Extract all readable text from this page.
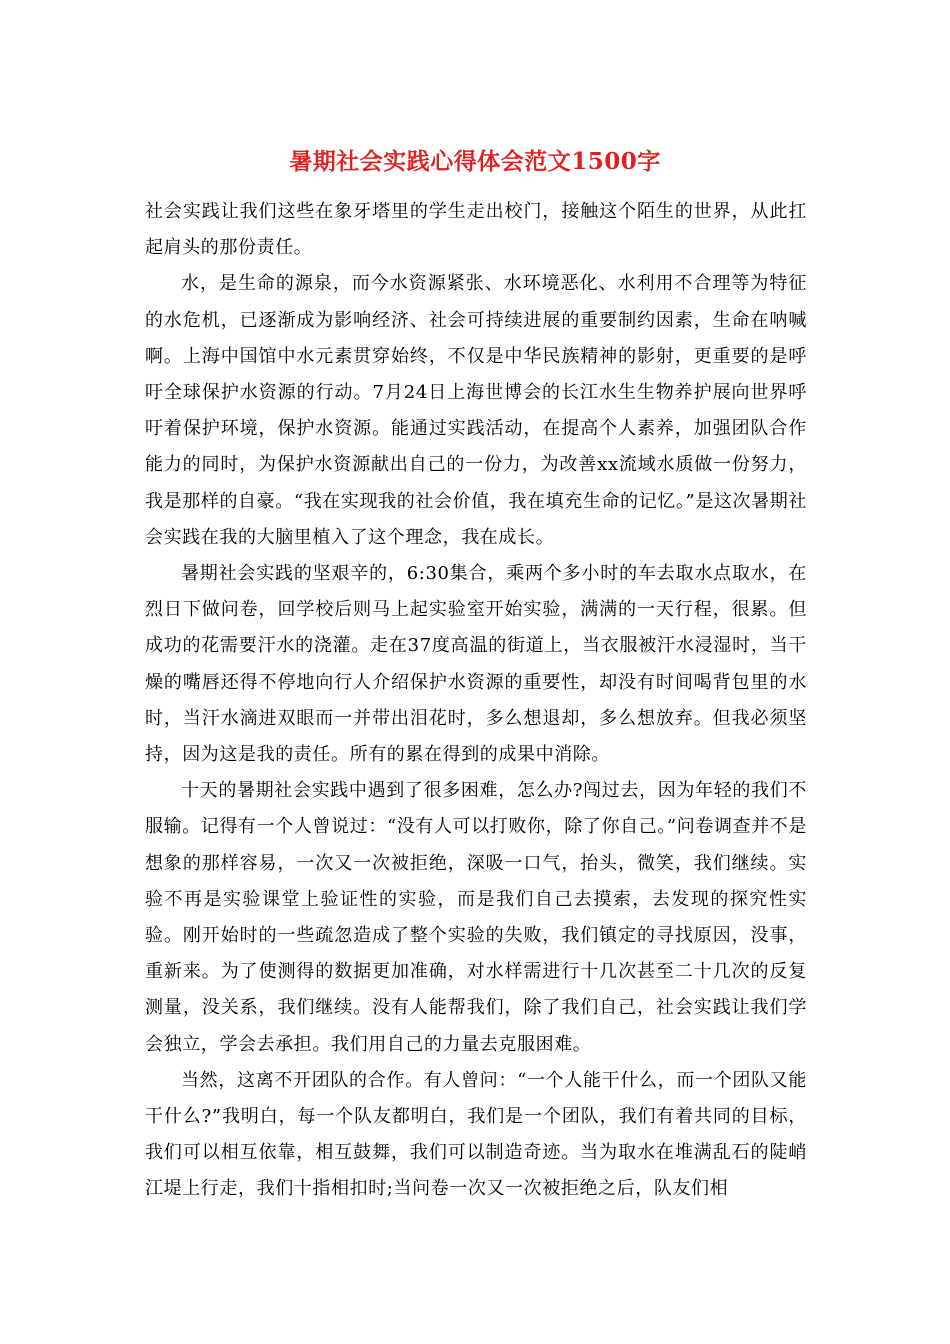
暑期社会实践心得体会范文1500字

社会实践让我们这些在象牙塔里的学生走出校门，接触这个陌生的世界，从此扛起肩头的那份责任。

水，是生命的源泉，而今水资源紧张、水环境恶化、水利用不合理等为特征的水危机，已逐渐成为影响经济、社会可持续进展的重要制约因素，生命在呐喊啊。上海中国馆中水元素贯穿始终，不仅是中华民族精神的影射，更重要的是呼吁全球保护水资源的行动。7月24日上海世博会的长江水生生物养护展向世界呼吁着保护环境，保护水资源。能通过实践活动，在提高个人素养，加强团队合作能力的同时，为保护水资源献出自己的一份力，为改善xx流域水质做一份努力，我是那样的自豪。“我在实现我的社会价值，我在填充生命的记忆。”是这次暑期社会实践在我的大脑里植入了这个理念，我在成长。

暑期社会实践的坚艰辛的，6:30集合，乘两个多小时的车去取水点取水，在烈日下做问卷，回学校后则马上起实验室开始实验，满满的一天行程，很累。但成功的花需要汗水的浇灌。走在37度高温的街道上，当衣服被汗水浸湿时，当干燥的嘴唇还得不停地向行人介绍保护水资源的重要性，却没有时间喝背包里的水时，当汗水滴进双眼而一并带出泪花时，多么想退却，多么想放弃。但我必须坚持，因为这是我的责任。所有的累在得到的成果中消除。

十天的暑期社会实践中遇到了很多困难，怎么办?闯过去，因为年轻的我们不服输。记得有一个人曾说过：“没有人可以打败你，除了你自己。”问卷调查并不是想象的那样容易，一次又一次被拒绝，深吸一口气，抬头，微笑，我们继续。实验不再是实验课堂上验证性的实验，而是我们自己去摸索，去发现的探究性实验。刚开始时的一些疏忽造成了整个实验的失败，我们镇定的寻找原因，没事，重新来。为了使测得的数据更加准确，对水样需进行十几次甚至二十几次的反复测量，没关系，我们继续。没有人能帮我们，除了我们自己，社会实践让我们学会独立，学会去承担。我们用自己的力量去克服困难。

当然，这离不开团队的合作。有人曾问：“一个人能干什么，而一个团队又能干什么?”我明白，每一个队友都明白，我们是一个团队，我们有着共同的目标，我们可以相互依靠，相互鼓舞，我们可以制造奇迹。当为取水在堆满乱石的陡峭江堤上行走，我们十指相扣时;当问卷一次又一次被拒绝之后，队友们相
